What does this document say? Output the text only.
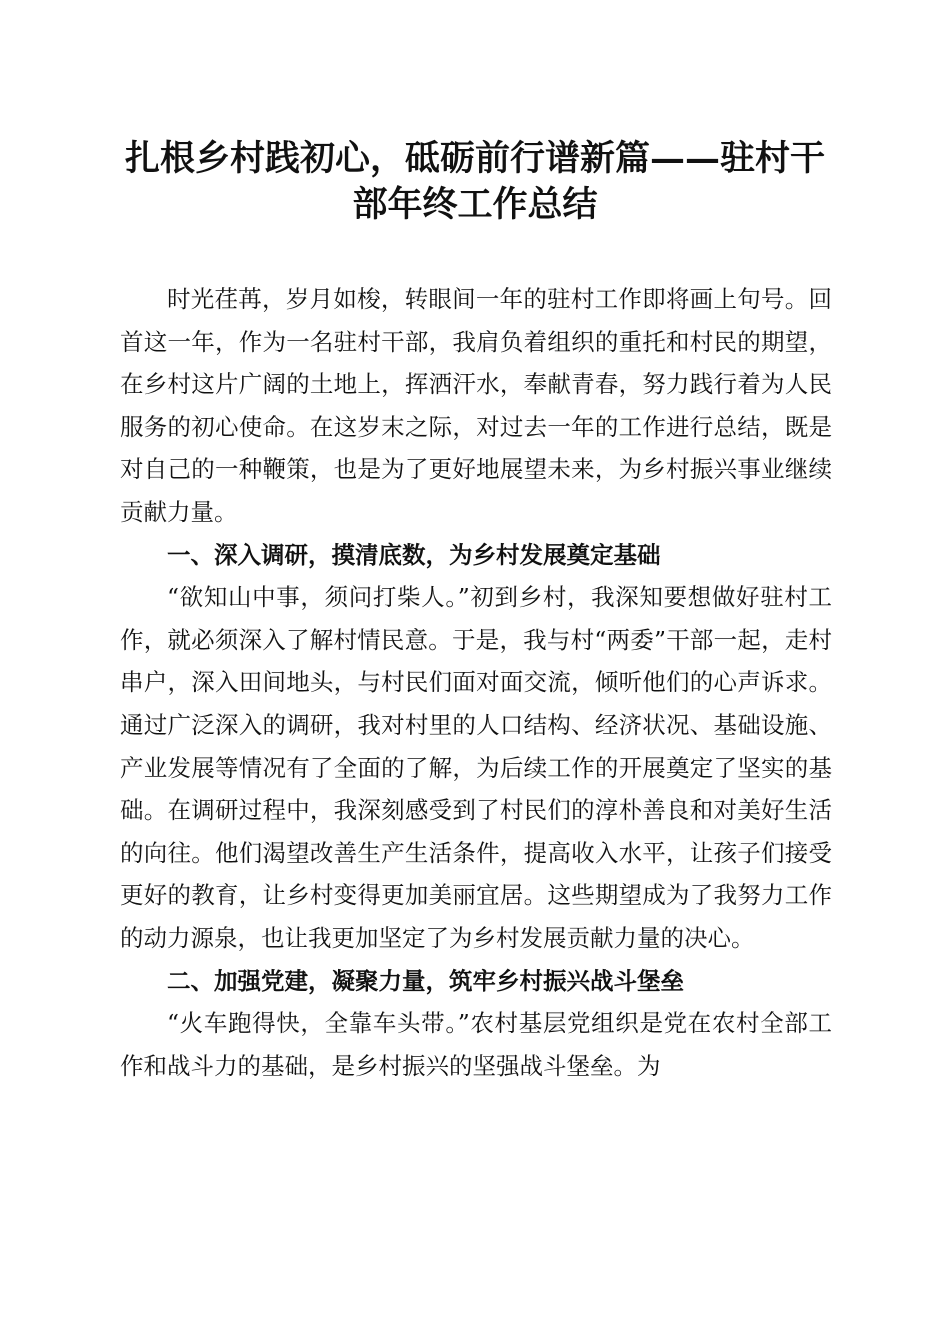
扎根乡村践初心，砥砺前行谱新篇——驻村干部年终工作总结

时光荏苒，岁月如梭，转眼间一年的驻村工作即将画上句号。回首这一年，作为一名驻村干部，我肩负着组织的重托和村民的期望，在乡村这片广阔的土地上，挥洒汗水，奉献青春，努力践行着为人民服务的初心使命。在这岁末之际，对过去一年的工作进行总结，既是对自己的一种鞭策，也是为了更好地展望未来，为乡村振兴事业继续贡献力量。

一、深入调研，摸清底数，为乡村发展奠定基础

“欲知山中事，须问打柴人。”初到乡村，我深知要想做好驻村工作，就必须深入了解村情民意。于是，我与村“两委”干部一起，走村串户，深入田间地头，与村民们面对面交流，倾听他们的心声诉求。通过广泛深入的调研，我对村里的人口结构、经济状况、基础设施、产业发展等情况有了全面的了解，为后续工作的开展奠定了坚实的基础。在调研过程中，我深刻感受到了村民们的淳朴善良和对美好生活的向往。他们渴望改善生产生活条件，提高收入水平，让孩子们接受更好的教育，让乡村变得更加美丽宜居。这些期望成为了我努力工作的动力源泉，也让我更加坚定了为乡村发展贡献力量的决心。

二、加强党建，凝聚力量，筑牢乡村振兴战斗堡垒

“火车跑得快，全靠车头带。”农村基层党组织是党在农村全部工作和战斗力的基础，是乡村振兴的坚强战斗堡垒。为
